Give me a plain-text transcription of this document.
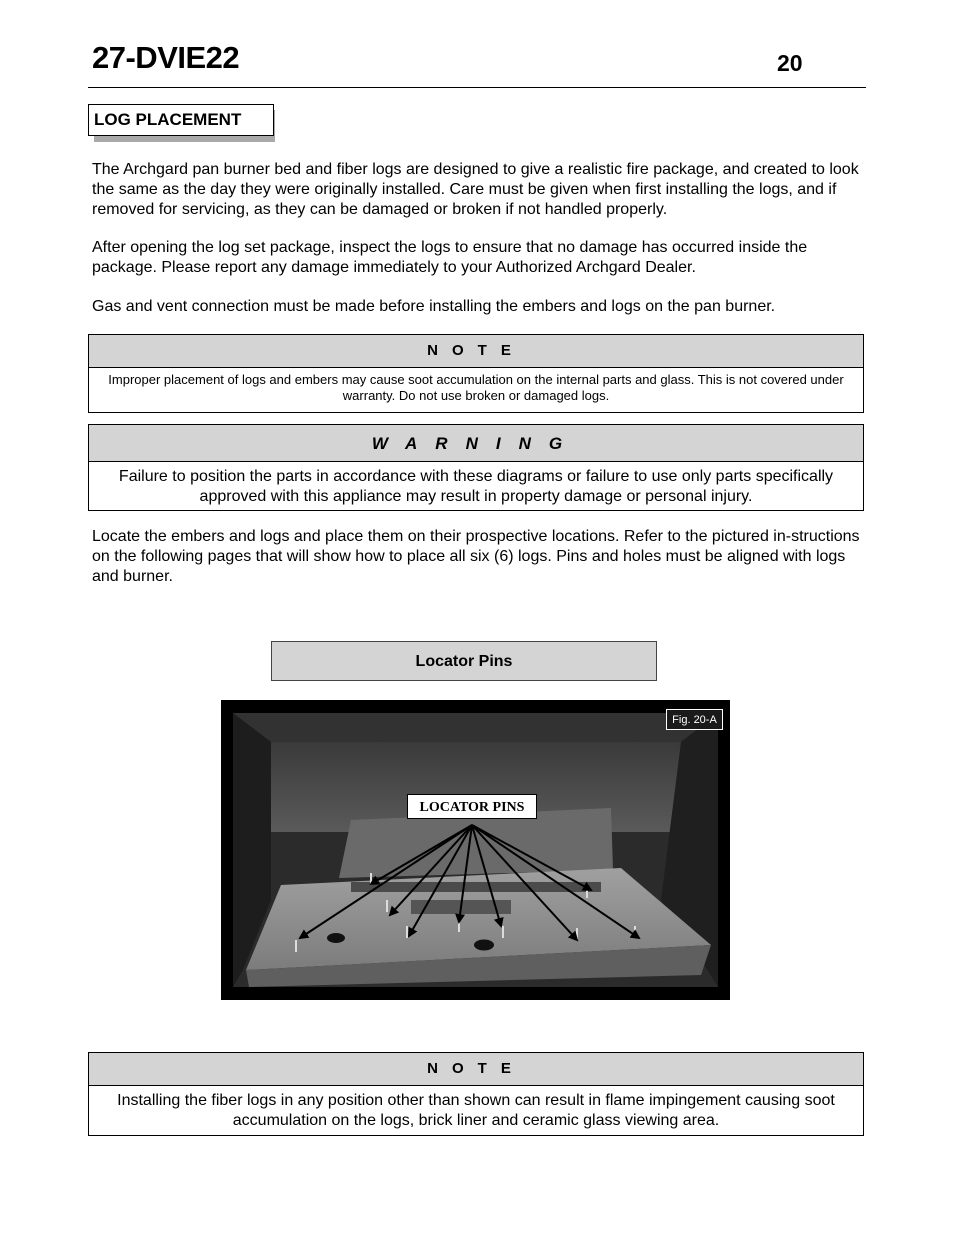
27-DVIE22	20
LOG PLACEMENT
The Archgard pan burner bed and fiber logs are designed to give a realistic fire package, and created to look the same as the day they were originally installed. Care must be given when first installing the logs, and if removed for servicing, as they can be damaged or broken if not handled properly.
After opening the log set package, inspect the logs to ensure that no damage has occurred inside the package. Please report any damage immediately to your Authorized Archgard Dealer.
Gas and vent connection must be made before installing the embers and logs on the pan burner.
NOTE
Improper placement of logs and embers may cause soot accumulation on the internal parts and glass. This is not covered under warranty. Do not use broken or damaged logs.
WARNING
Failure to position the parts in accordance with these diagrams or failure to use only parts specifically approved with this appliance may result in property damage or personal injury.
Locate the embers and logs and place them on their prospective locations. Refer to the pictured in-structions on the following pages that will show how to place all six (6) logs. Pins and holes must be aligned with logs and burner.
Locator Pins
Fig. 20-A
LOCATOR PINS
NOTE
Installing the fiber logs in any position other than shown can result in flame impingement causing soot accumulation on the logs, brick liner and ceramic glass viewing area.
